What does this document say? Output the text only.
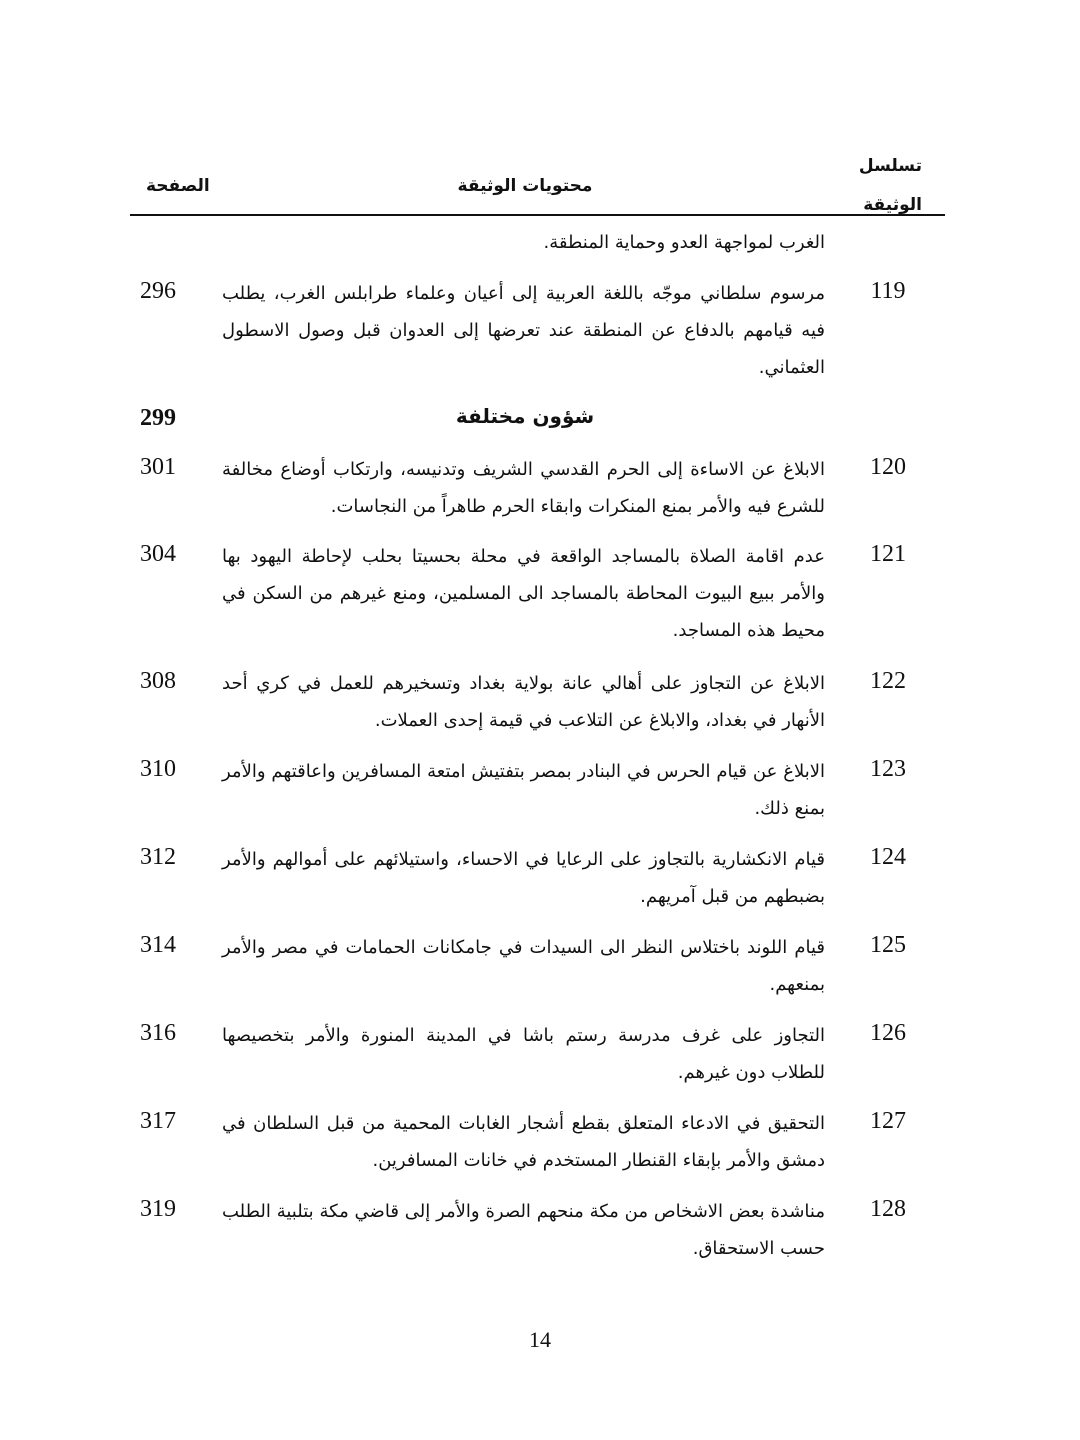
تسلسل
الوثيقة
محتويات الوثيقة
الصفحة
الغرب لمواجهة العدو وحماية المنطقة.
119
مرسوم سلطاني موجّه باللغة العربية إلى أعيان وعلماء طرابلس الغرب، يطلب فيه قيامهم بالدفاع عن المنطقة عند تعرضها إلى العدوان قبل وصول الاسطول العثماني.
296
شؤون مختلفة
299
120
الابلاغ عن الاساءة إلى الحرم القدسي الشريف وتدنيسه، وارتكاب أوضاع مخالفة للشرع فيه والأمر بمنع المنكرات وابقاء الحرم طاهراً من النجاسات.
301
121
عدم اقامة الصلاة بالمساجد الواقعة في محلة بحسيتا بحلب لإحاطة اليهود بها والأمر ببيع البيوت المحاطة بالمساجد الى المسلمين، ومنع غيرهم من السكن في محيط هذه المساجد.
304
122
الابلاغ عن التجاوز على أهالي عانة بولاية بغداد وتسخيرهم للعمل في كري أحد الأنهار في بغداد، والابلاغ عن التلاعب في قيمة إحدى العملات.
308
123
الابلاغ عن قيام الحرس في البنادر بمصر بتفتيش امتعة المسافرين واعاقتهم والأمر بمنع ذلك.
310
124
قيام الانكشارية بالتجاوز على الرعايا في الاحساء، واستيلائهم على أموالهم والأمر بضبطهم من قبل آمريهم.
312
125
قيام اللوند باختلاس النظر الى السيدات في جامكانات الحمامات في مصر والأمر بمنعهم.
314
126
التجاوز على غرف مدرسة رستم باشا في المدينة المنورة والأمر بتخصيصها للطلاب دون غيرهم.
316
127
التحقيق في الادعاء المتعلق بقطع أشجار الغابات المحمية من قبل السلطان في دمشق والأمر بإبقاء القنطار المستخدم في خانات المسافرين.
317
128
مناشدة بعض الاشخاص من مكة منحهم الصرة والأمر إلى قاضي مكة بتلبية الطلب حسب الاستحقاق.
319
14
